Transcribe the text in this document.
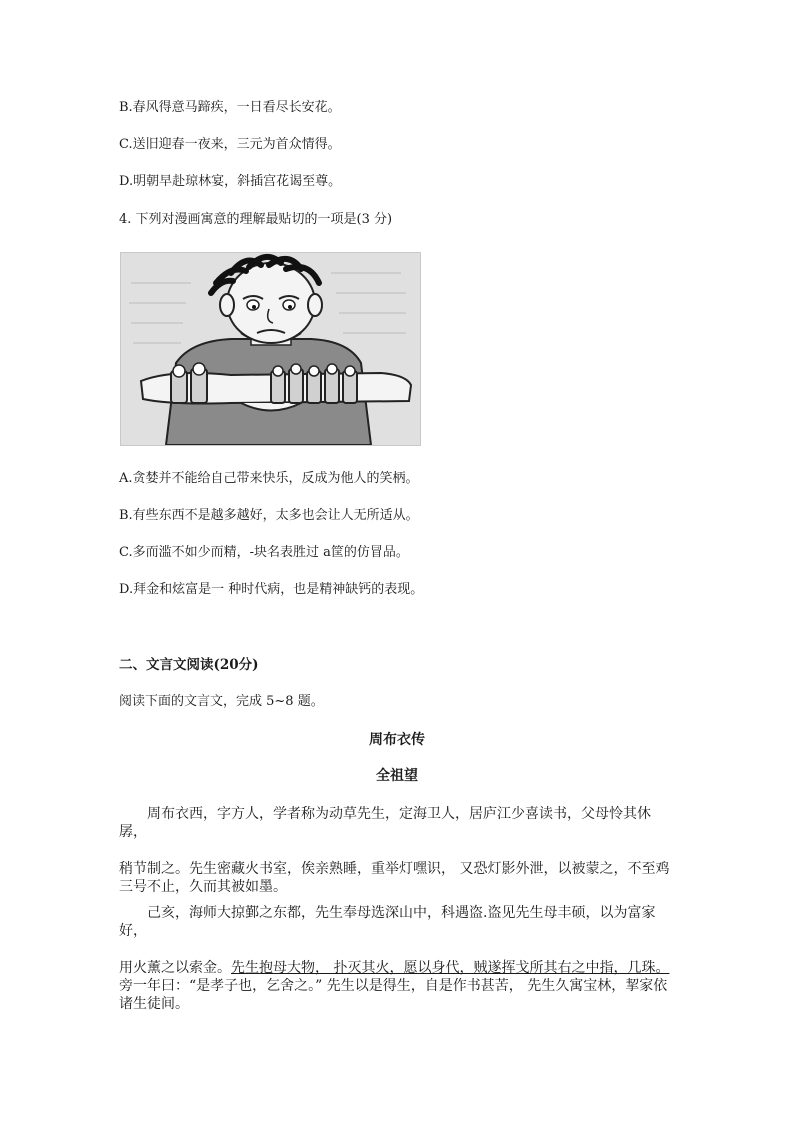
B.春风得意马蹄疾，一日看尽长安花。
C.送旧迎春一夜来，三元为首众情得。
D.明朝早赴琼林宴，斜插宫花谒至尊。
4. 下列对漫画寓意的理解最贴切的一项是(3 分)
A.贪婪并不能给自己带来快乐，反成为他人的笑柄。
B.有些东西不是越多越好，太多也会让人无所适从。
C.多而滥不如少而精，-块名表胜过 a筐的仿冒品。
D.拜金和炫富是一 种时代病，也是精神缺钙的表现。
二、文言文阅读(20分)
阅读下面的文言文，完成 5~8 题。
周布衣传
全祖望
周布衣西，字方人，学者称为动草先生，定海卫人，居庐江少喜读书，父母怜其休孱，
稍节制之。先生密藏火书室，俟亲熟睡，重举灯嘿识， 又恐灯影外泄，以被蒙之，不至鸡
三号不止，久而其被如墨。
己亥，海师大掠鄞之东都，先生奉母选深山中，科遇盗.盗见先生母丰硕，以为富家好，
用火薰之以索金。先生抱母大物， 扑灭其火，愿以身代，贼遂挥戈所其右之中指，几珠。
旁一年曰：“是孝子也，乞舍之。” 先生以是得生，自是作书甚苦， 先生久寓宝林，挈家依
诸生徒间。
